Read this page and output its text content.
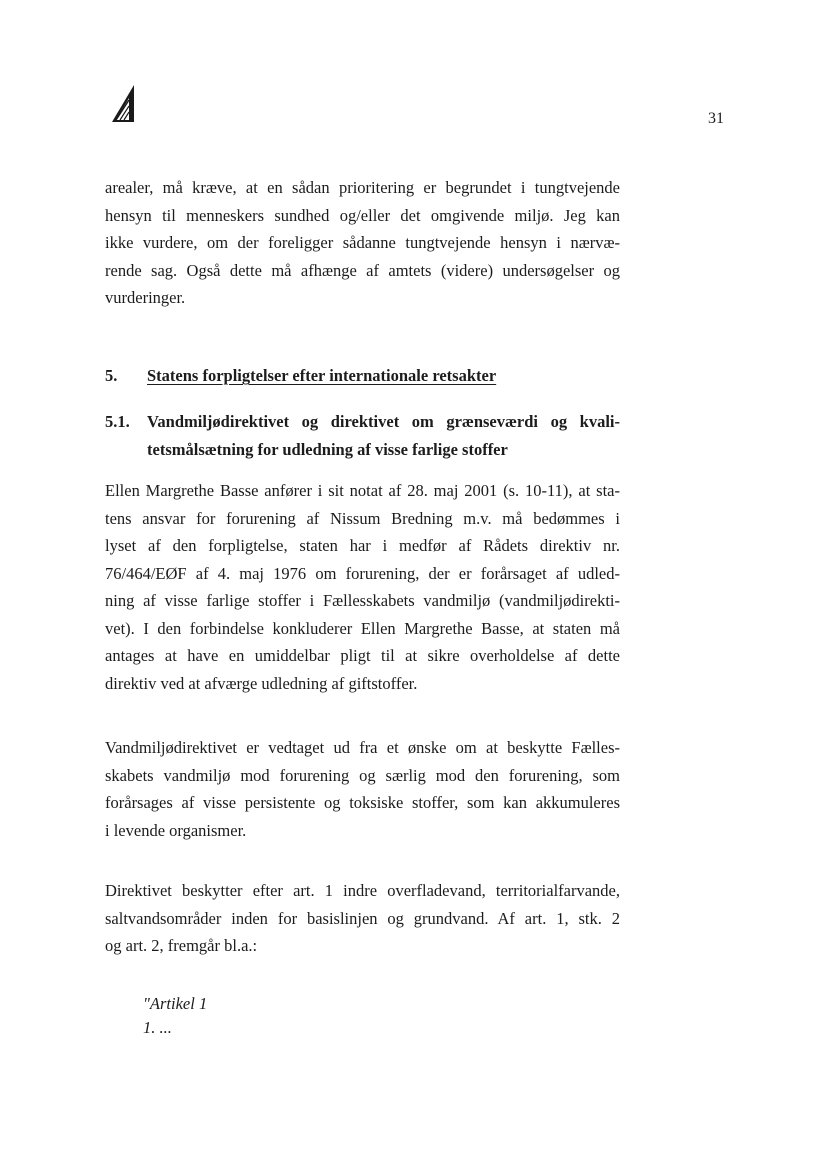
31

arealer, må kræve, at en sådan prioritering er begrundet i tungtvejende
hensyn til menneskers sundhed og/eller det omgivende miljø. Jeg kan
ikke vurdere, om der foreligger sådanne tungtvejende hensyn i nærvæ-
rende sag. Også dette må afhænge af amtets (videre) undersøgelser og
vurderinger.

5. Statens forpligtelser efter internationale retsakter
5.1. Vandmiljødirektivet og direktivet om grænseværdi og kvali-
tetsmålsætning for udledning af visse farlige stoffer

Ellen Margrethe Basse anfører i sit notat af 28. maj 2001 (s. 10-11), at sta-
tens ansvar for forurening af Nissum Bredning m.v. må bedømmes i
lyset af den forpligtelse, staten har i medfør af Rådets direktiv nr.
76/464/EØF af 4. maj 1976 om forurening, der er forårsaget af udled-
ning af visse farlige stoffer i Fællesskabets vandmiljø (vandmiljødirekti-
vet). I den forbindelse konkluderer Ellen Margrethe Basse, at staten må
antages at have en umiddelbar pligt til at sikre overholdelse af dette
direktiv ved at afværge udledning af giftstoffer.

Vandmiljødirektivet er vedtaget ud fra et ønske om at beskytte Fælles-
skabets vandmiljø mod forurening og særlig mod den forurening, som
forårsages af visse persistente og toksiske stoffer, som kan akkumuleres
i levende organismer.

Direktivet beskytter efter art. 1 indre overfladevand, territorialfarvande,
saltvandsområder inden for basislinjen og grundvand. Af art. 1, stk. 2
og art. 2, fremgår bl.a.:

"Artikel 1
1. ...
